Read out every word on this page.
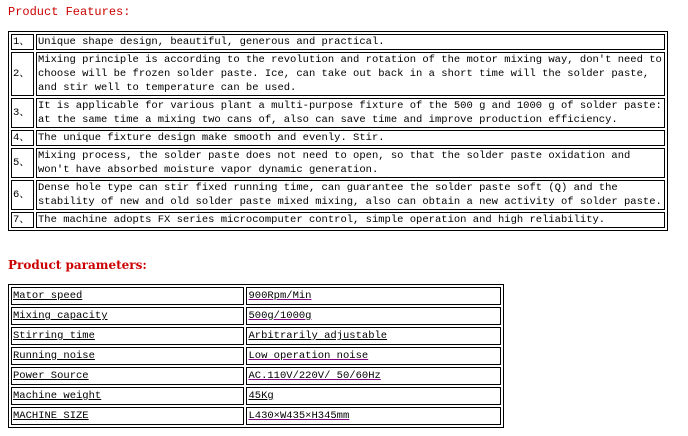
Product Features:
1、	Unique shape design, beautiful, generous and practical.
2、	Mixing principle is according to the revolution and rotation of the motor mixing way, don't need to choose will be frozen solder paste. Ice, can take out back in a short time will the solder paste, and stir well to temperature can be used.
3、	It is applicable for various plant a multi-purpose fixture of the 500 g and 1000 g of solder paste: at the same time a mixing two cans of, also can save time and improve production efficiency.
4、	The unique fixture design make smooth and evenly. Stir.
5、	Mixing process, the solder paste does not need to open, so that the solder paste oxidation and won't have absorbed moisture vapor dynamic generation.
6、	Dense hole type can stir fixed running time, can guarantee the solder paste soft (Q) and the stability of new and old solder paste mixed mixing, also can obtain a new activity of solder paste.
7、	The machine adopts FX series microcomputer control, simple operation and high reliability.
Product parameters:
Mator speed	900Rpm/Min
Mixing capacity	500g/1000g
Stirring time	Arbitrarily adjustable
Running noise	Low operation noise
Power Source	AC.110V/220V/ 50/60Hz
Machine weight	45Kg
MACHINE SIZE	L430×W435×H345mm
